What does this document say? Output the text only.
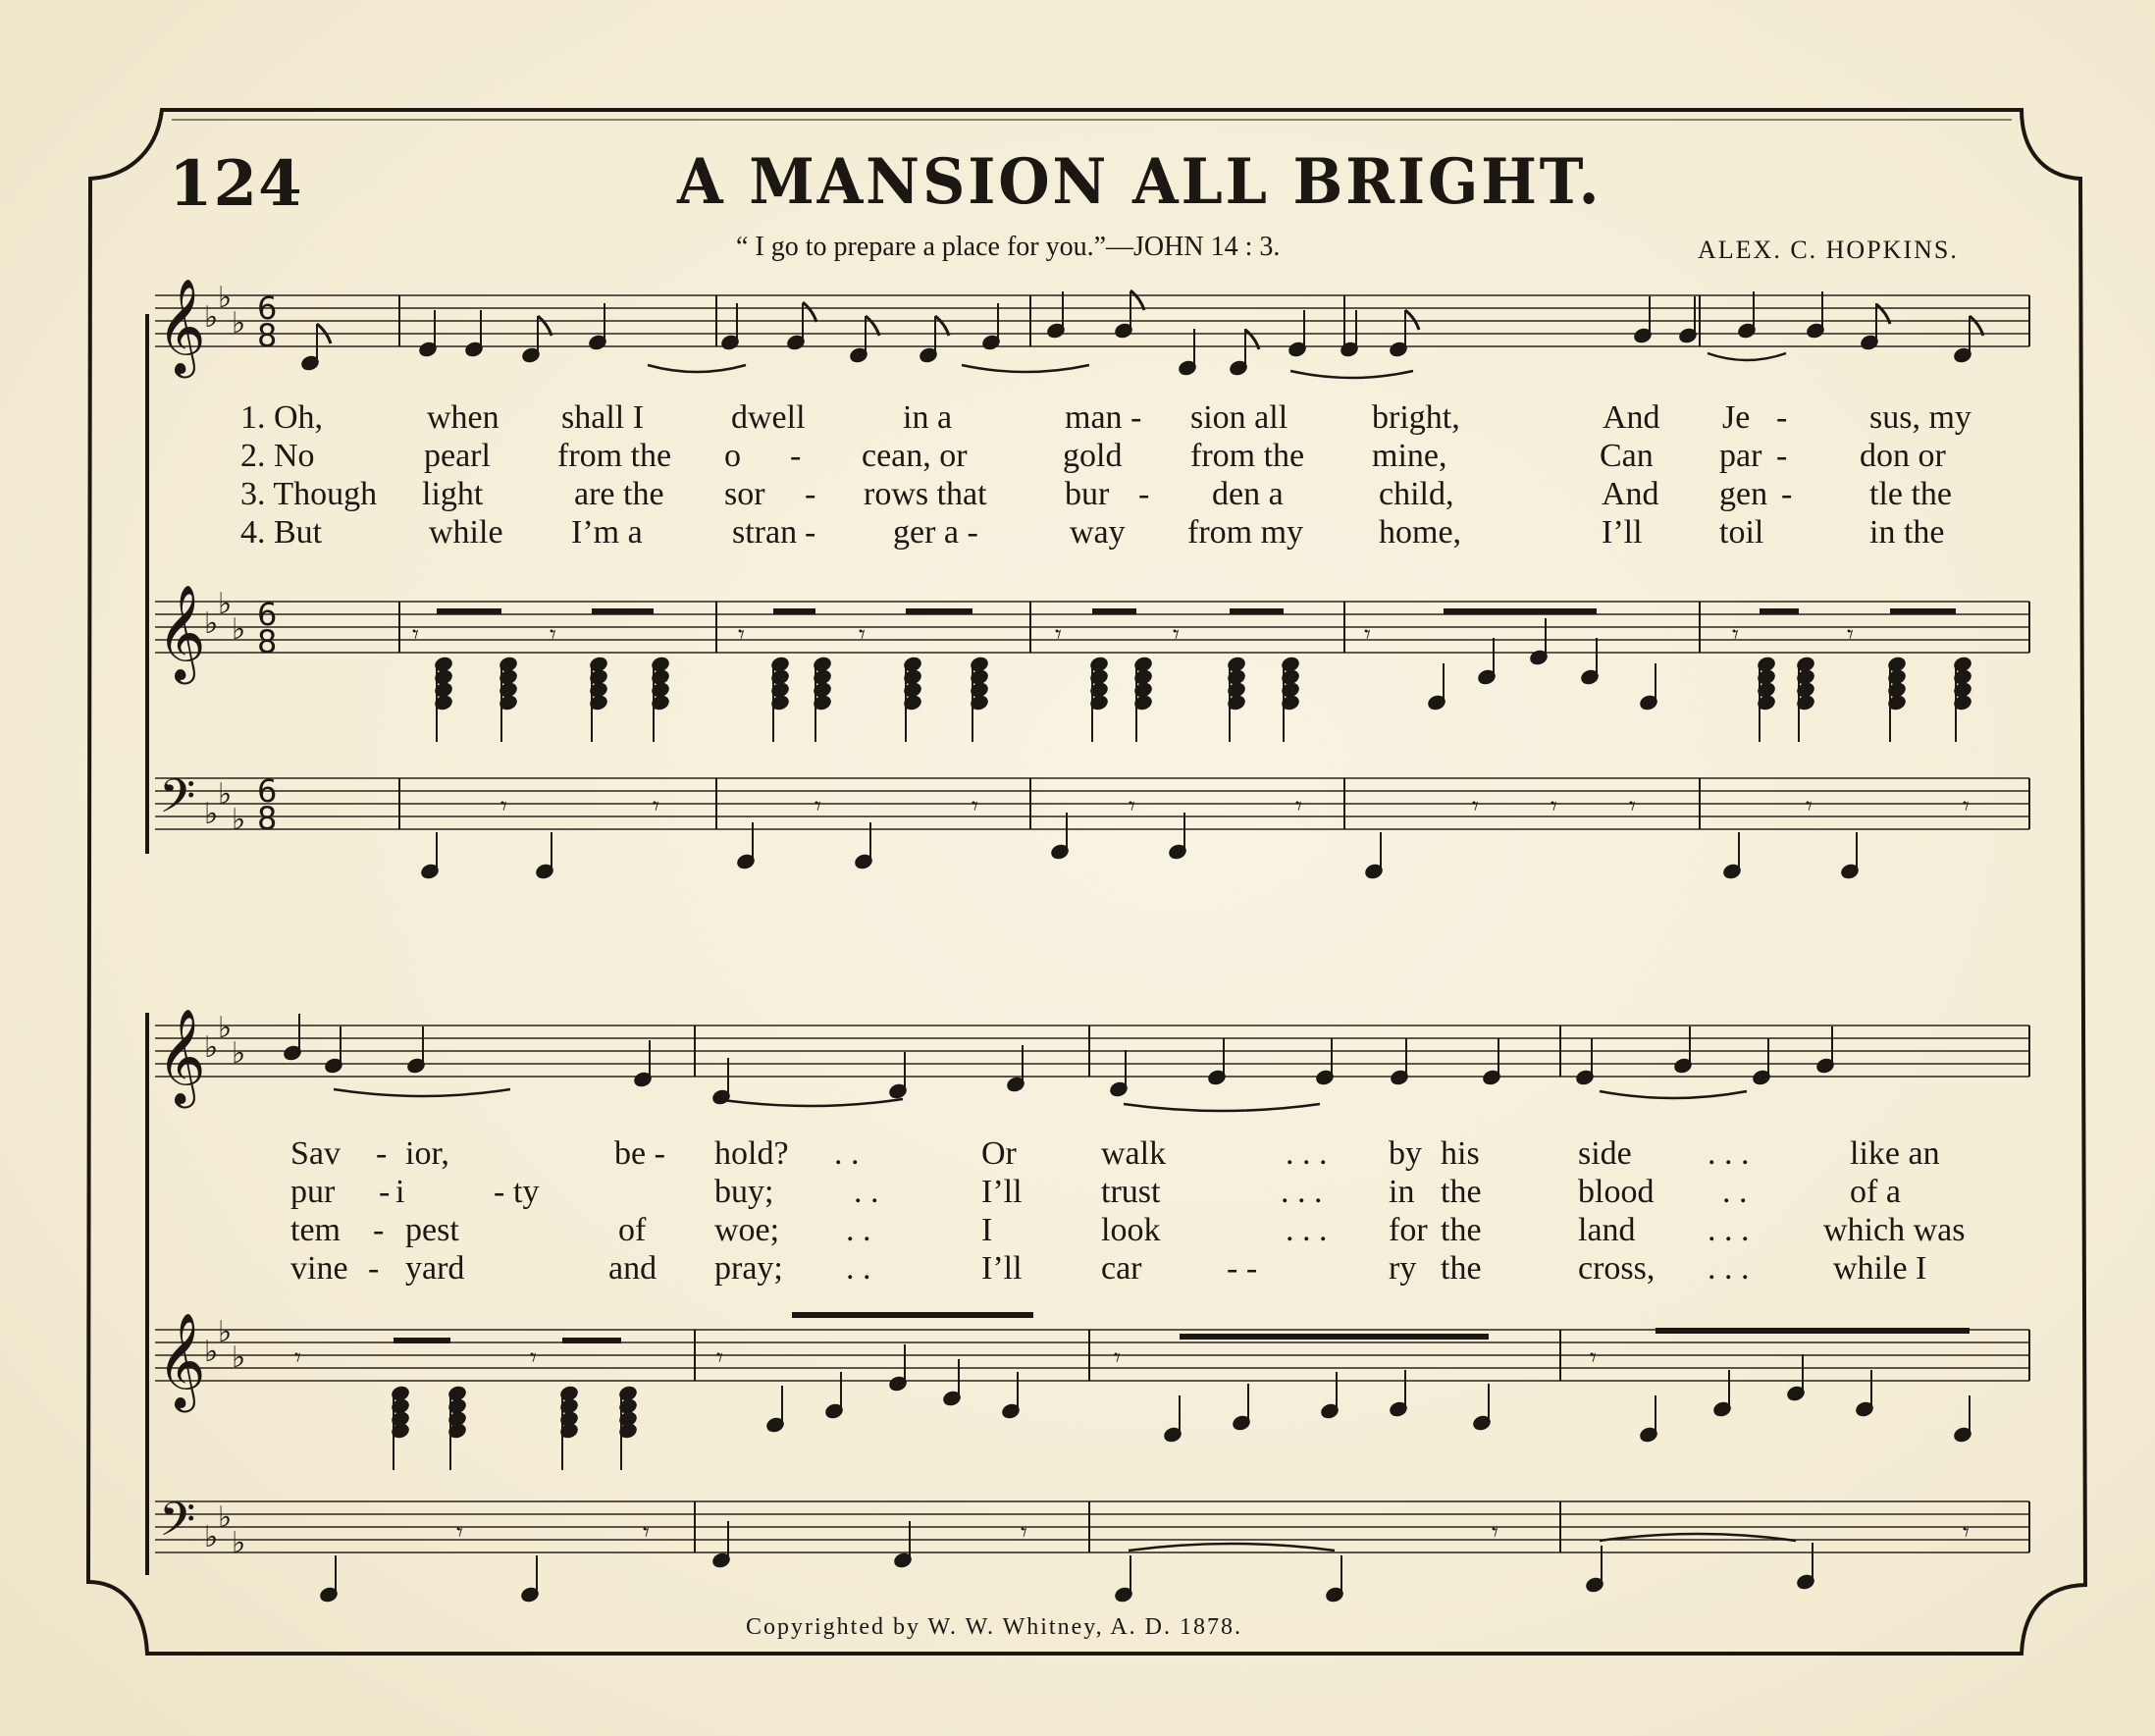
124	A MANSION ALL BRIGHT.
“ I go to prepare a place for you.”—JOHN 14 : 3.	ALEX. C. HOPKINS.
𝄞
♭
♭
♭ 6
8
𝄞
♭
♭
♭ 6
8
𝄢 ♭
♭
♭
6
8
𝄾	𝄾	𝄾	𝄾	𝄾	𝄾	𝄾	𝄾	𝄾
𝄾	𝄾	𝄾	𝄾	𝄾	𝄾	𝄾	𝄾	𝄾	𝄾	𝄾
𝄞
♭
♭
♭
𝄞
♭
♭
♭
𝄢 ♭
♭
♭
𝄾	𝄾	𝄾	𝄾	𝄾
𝄾	𝄾	𝄾	𝄾	𝄾
1. Oh,	when shall I	dwell	in a	man - sion all	bright,	And Je - sus, my
2. No	pearl from the o - cean, or	gold from the mine,	Can par - don or
3. Though light	are the sor - rows that bur - den a	child,	And gen - tle the
4. But	while I’m a	stran - ger a -	way from my home,	I’ll toil	in the
Sav - ior,	be - hold? . .	Or	walk	. . . by his	side . . .	like an
pur - i	- ty	buy; . .	I’ll trust	. . . in the	blood . .	of a
tem - pest	of woe; . .	I	look	. . . for the	land . . . which was
vine - yard	and pray; . .	I’ll car	- -	ry the	cross, . . .	while I
Copyrighted by W. W. Whitney, A. D. 1878.
